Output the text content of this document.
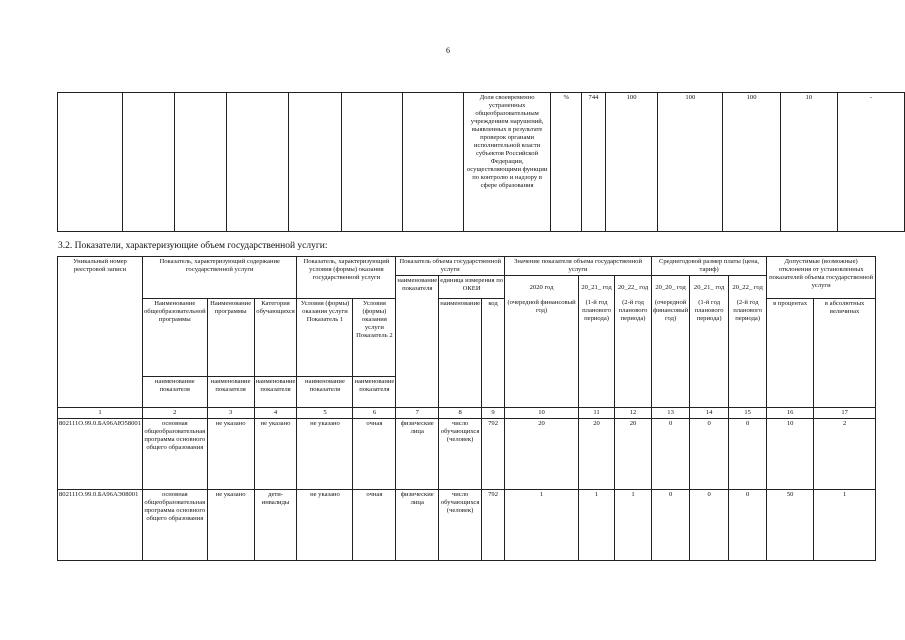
6
							Доля своевременно устраненных общеобразовательным учреждением нарушений, выявленных в результате проверок органами исполнительной власти субъектов Российской Федерации, осуществляющими функции по контролю и надзору в сфере образования	%	744	100	100	100	10	-
3.2. Показатели, характеризующие объем государственной услуги:
Уникальный номер реестровой записи	Показатель, характеризующий содержание государственной услуги			Показатель, характеризующий условия (формы) оказания государственной услуги		Показатель объема государственной услуги			Значение показателя объема государственной услуги			Среднегодовой размер платы (цена, тариф)			Допустимые (возможные) отклонения от установленных показателей объема государственной услуги	
						наименование показателя	единица измерения по ОКЕИ		2020 год	20_21_ год	20_22_ год	20_20_ год	20_21_ год	20_22_ год		
	Наименование общеобразовательной программы	Наименование программы	Категория обучающихся	Условия (формы) оказания услуги Показатель 1	Условия (формы) оказания услуги Показатель 2		наименование	код	(очередной финансовый год)	(1-й год планового периода)	(2-й год планового периода)	(очередной финансовый год)	(1-й год планового периода)	(2-й год планового периода)	в процентах	в абсолютных величинах

	наименование показателя	наименование показателя	наименование показателя	наименование показателя	наименование показателя											
1	2	3	4	5	6	7	8	9	10	11	12	13	14	15	16	17
802111О.99.0.БА96АЮ58001	основная общеобразовательная программа основного общего образования	не указано	не указано	не указано	очная	физические лица	число обучающихся (человек)	792	20	20	20	0	0	0	10	2
802111О.99.0.БА96АЭ08001	основная общеобразовательная программа основного общего образования	не указано	дети-инвалиды	не указано	очная	физические лица	число обучающихся (человек)	792	1	1	1	0	0	0	50	1
